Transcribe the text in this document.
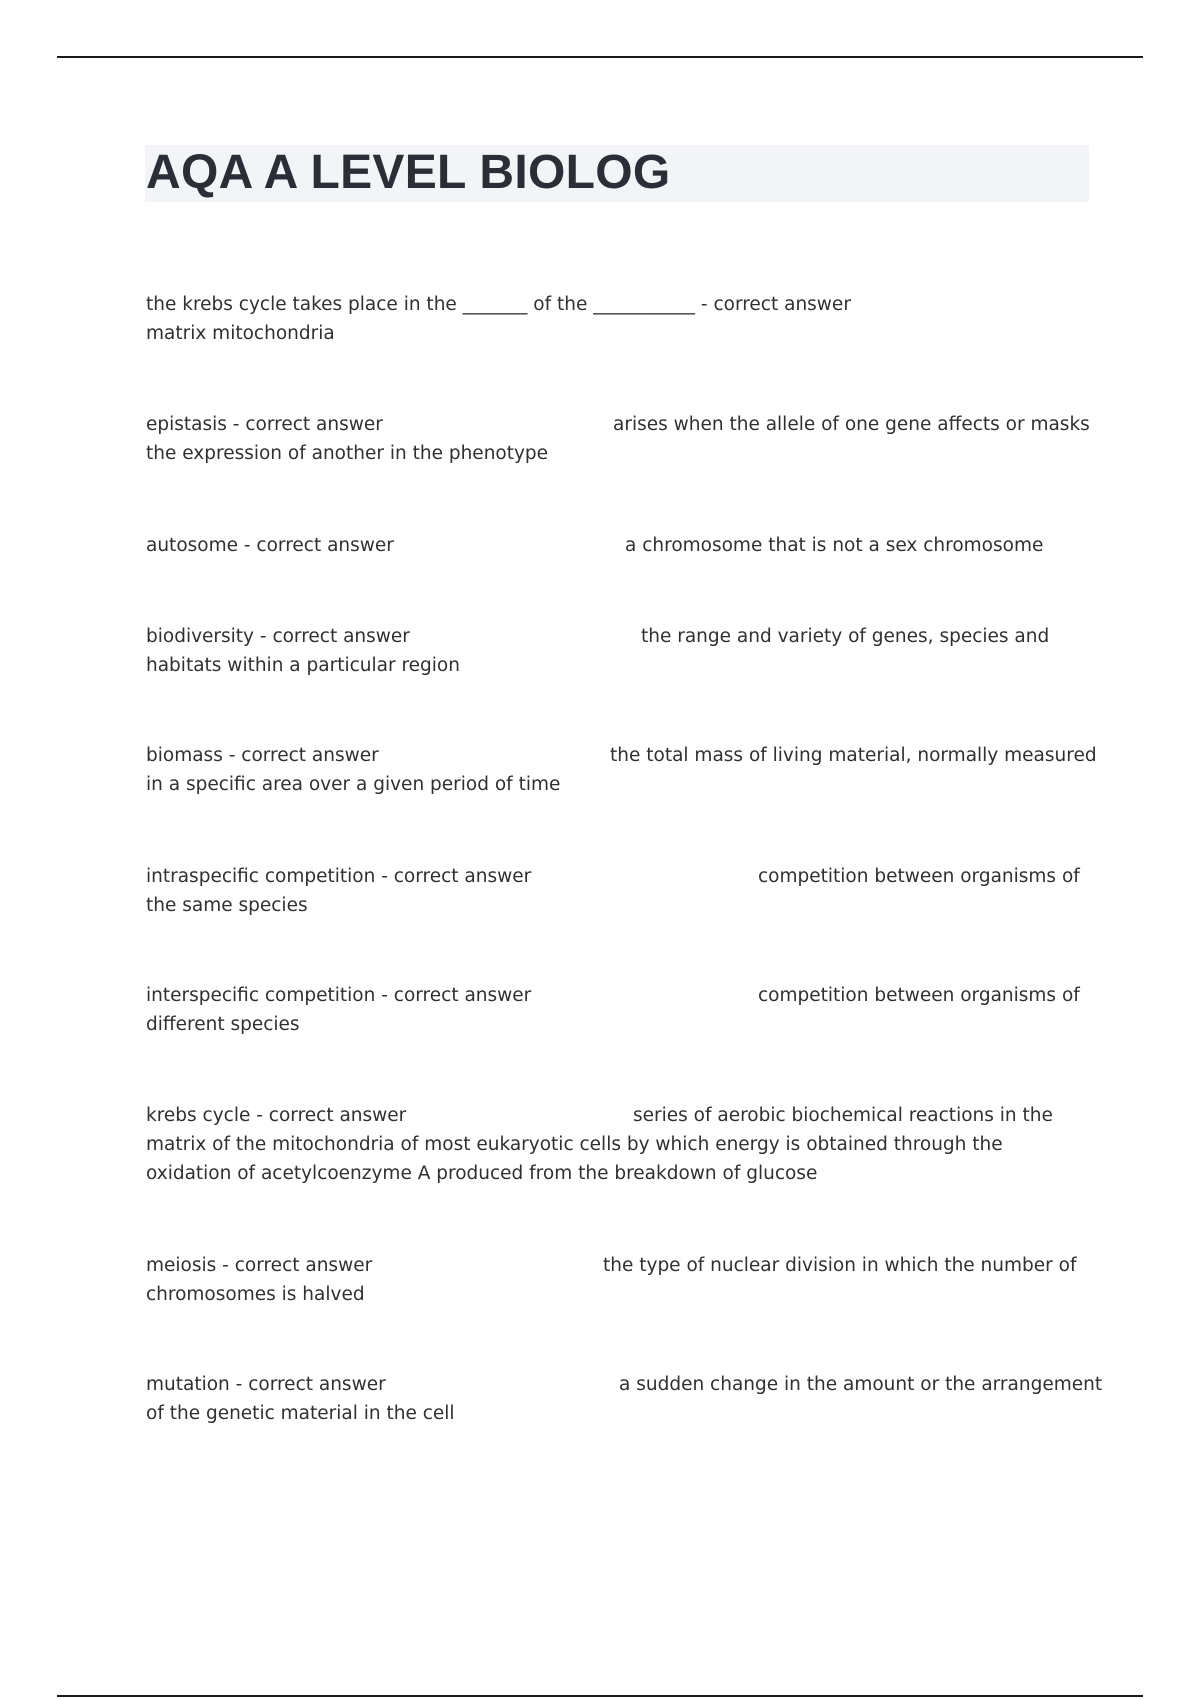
AQA A LEVEL BIOLOG
the krebs cycle takes place in the _______ of the ___________ - correct answer
matrix mitochondria
epistasis - correct answer	arises when the allele of one gene affects or masks
the expression of another in the phenotype
autosome - correct answer	a chromosome that is not a sex chromosome
biodiversity - correct answer	the range and variety of genes, species and
habitats within a particular region
biomass - correct answer	the total mass of living material, normally measured
in a specific area over a given period of time
intraspecific competition - correct answer	competition between organisms of
the same species
interspecific competition - correct answer	competition between organisms of
different species
krebs cycle - correct answer	series of aerobic biochemical reactions in the
matrix of the mitochondria of most eukaryotic cells by which energy is obtained through the oxidation of acetylcoenzyme A produced from the breakdown of glucose
meiosis - correct answer	the type of nuclear division in which the number of
chromosomes is halved
mutation - correct answer	a sudden change in the amount or the arrangement
of the genetic material in the cell
